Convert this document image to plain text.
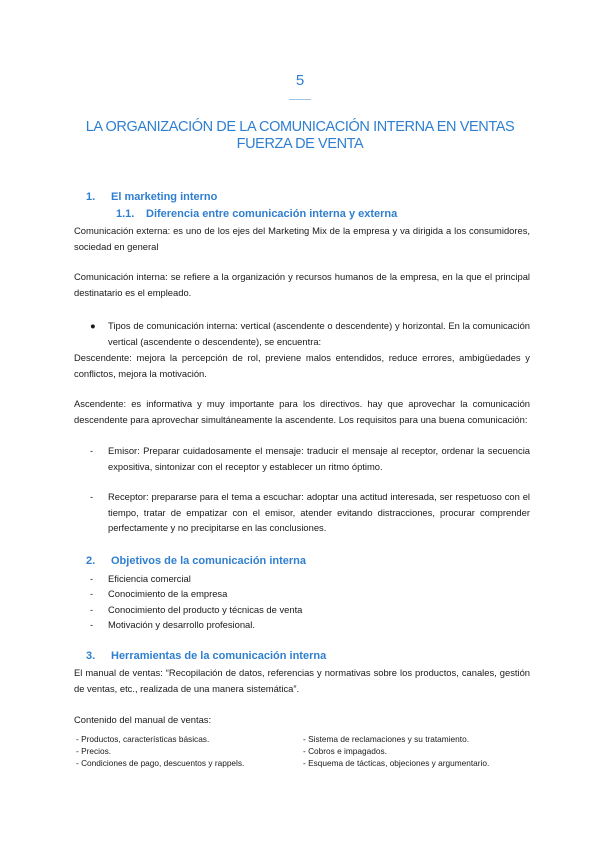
5
LA ORGANIZACIÓN DE LA COMUNICACIÓN INTERNA EN VENTAS
FUERZA DE VENTA
1. El marketing interno
1.1. Diferencia entre comunicación interna y externa
Comunicación externa: es uno de los ejes del Marketing Mix de la empresa y va dirigida a los consumidores, sociedad en general
Comunicación interna: se refiere a la organización y recursos humanos de la empresa, en la que el principal destinatario es el empleado.
● Tipos de comunicación interna: vertical (ascendente o descendente) y horizontal. En la comunicación vertical (ascendente o descendente), se encuentra:
Descendente: mejora la percepción de rol, previene malos entendidos, reduce errores, ambigüedades y conflictos, mejora la motivación.
Ascendente: es informativa y muy importante para los directivos. hay que aprovechar la comunicación descendente para aprovechar simultáneamente la ascendente. Los requisitos para una buena comunicación:
- Emisor: Preparar cuidadosamente el mensaje: traducir el mensaje al receptor, ordenar la secuencia expositiva, sintonizar con el receptor y establecer un ritmo óptimo.
- Receptor: prepararse para el tema a escuchar: adoptar una actitud interesada, ser respetuoso con el tiempo, tratar de empatizar con el emisor, atender evitando distracciones, procurar comprender perfectamente y no precipitarse en las conclusiones.
2. Objetivos de la comunicación interna
- Eficiencia comercial
- Conocimiento de la empresa
- Conocimiento del producto y técnicas de venta
- Motivación y desarrollo profesional.
3. Herramientas de la comunicación interna
El manual de ventas: “Recopilación de datos, referencias y normativas sobre los productos, canales, gestión de ventas, etc., realizada de una manera sistemática”.
Contenido del manual de ventas:
- Productos, características básicas.
- Precios.
- Condiciones de pago, descuentos y rappels.
- Sistema de reclamaciones y su tratamiento.
- Cobros e impagados.
- Esquema de tácticas, objeciones y argumentario.
